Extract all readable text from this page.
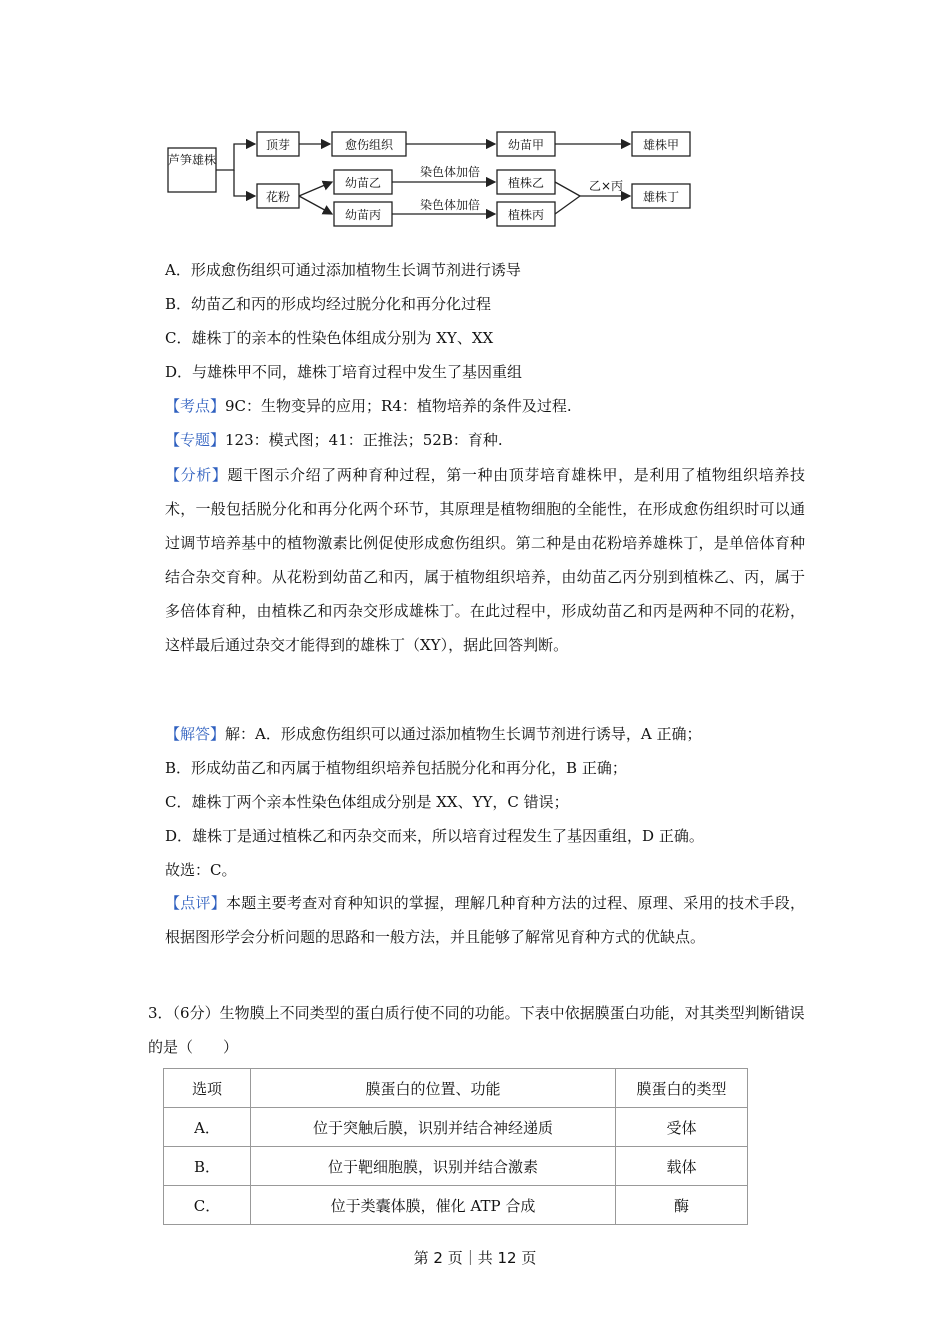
芦笋雄株
顶芽	愈伤组织	幼苗甲	雄株甲
花粉
幼苗乙
幼苗丙
染色体加倍
染色体加倍
植株乙
植株丙
乙×丙
雄株丁
A．形成愈伤组织可通过添加植物生长调节剂进行诱导
B．幼苗乙和丙的形成均经过脱分化和再分化过程
C．雄株丁的亲本的性染色体组成分别为 XY、XX
D．与雄株甲不同，雄株丁培育过程中发生了基因重组
【考点】9C：生物变异的应用；R4：植物培养的条件及过程.
【专题】123：模式图；41：正推法；52B：育种.
【分析】题干图示介绍了两种育种过程，第一种由顶芽培育雄株甲，是利用了植物组织培养技术，一般包括脱分化和再分化两个环节，其原理是植物细胞的全能性，在形成愈伤组织时可以通过调节培养基中的植物激素比例促使形成愈伤组织。第二种是由花粉培养雄株丁，是单倍体育种结合杂交育种。从花粉到幼苗乙和丙，属于植物组织培养，由幼苗乙丙分别到植株乙、丙，属于多倍体育种，由植株乙和丙杂交形成雄株丁。在此过程中，形成幼苗乙和丙是两种不同的花粉，这样最后通过杂交才能得到的雄株丁（XY），据此回答判断。
【解答】解：A．形成愈伤组织可以通过添加植物生长调节剂进行诱导，A 正确；
B．形成幼苗乙和丙属于植物组织培养包括脱分化和再分化，B 正确；
C．雄株丁两个亲本性染色体组成分别是 XX、YY，C 错误；
D．雄株丁是通过植株乙和丙杂交而来，所以培育过程发生了基因重组，D 正确。
故选：C。
【点评】本题主要考查对育种知识的掌握，理解几种育种方法的过程、原理、采用的技术手段，根据图形学会分析问题的思路和一般方法，并且能够了解常见育种方式的优缺点。
3．（6分）生物膜上不同类型的蛋白质行使不同的功能。下表中依据膜蛋白功能，对其类型判断错误的是（　　）
选项	膜蛋白的位置、功能	膜蛋白的类型
A．	位于突触后膜，识别并结合神经递质	受体
B．	位于靶细胞膜，识别并结合激素	载体
C．	位于类囊体膜，催化 ATP 合成	酶
第 2 页｜共 12 页
